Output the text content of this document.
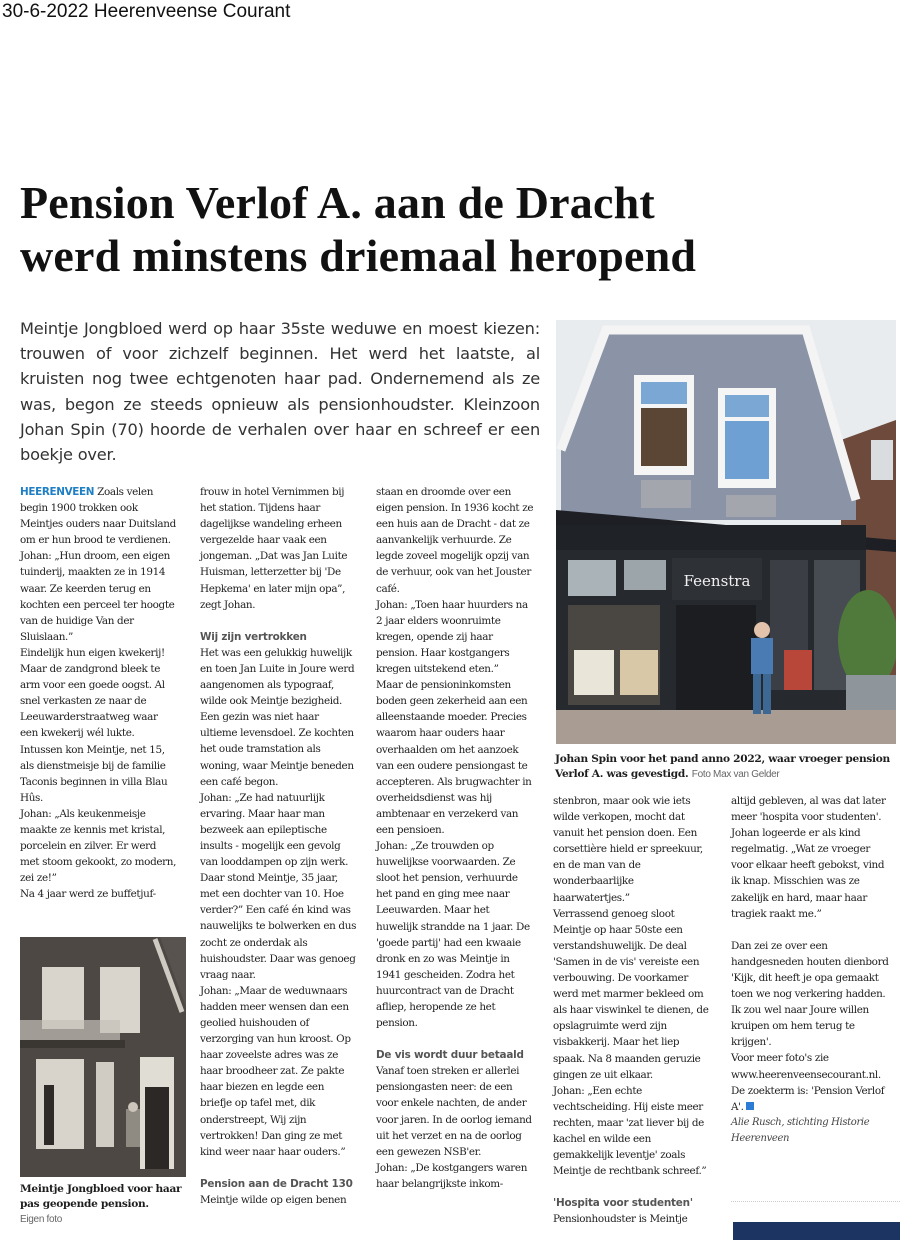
30-6-2022 Heerenveense Courant
Pension Verlof A. aan de Dracht
werd minstens driemaal heropend
Meintje Jongbloed werd op haar 35ste weduwe en moest kiezen: trouwen of voor zichzelf beginnen. Het werd het laatste, al kruisten nog twee echtgenoten haar pad. Ondernemend als ze was, begon ze steeds opnieuw als pensionhoudster. Kleinzoon Johan Spin (70) hoorde de verhalen over haar en schreef er een boekje over.
Feenstra
Johan Spin voor het pand anno 2022, waar vroeger pension Verlof A. was gevestigd. Foto Max van Gelder
Meintje Jongbloed voor haar pas geopende pension.
Eigen foto

HEERENVEEN Zoals velen begin 1900 trokken ook Meintjes ouders naar Duitsland om er hun brood te verdienen.

Johan: „Hun droom, een eigen tuinderij, maakten ze in 1914 waar. Ze keerden terug en kochten een perceel ter hoogte van de huidige Van der Sluislaan.”

Eindelijk hun eigen kwekerij! Maar de zandgrond bleek te arm voor een goede oogst. Al snel verkasten ze naar de Leeuwarderstraatweg waar een kwekerij wél lukte. Intussen kon Meintje, net 15, als dienstmeisje bij de familie Taconis beginnen in villa Blau Hûs.

Johan: „Als keukenmeisje maakte ze kennis met kristal, porcelein en zilver. Er werd met stoom gekookt, zo modern, zei ze!”

Na 4 jaar werd ze buffetjuf-

frouw in hotel Vernimmen bij het station. Tijdens haar dagelijkse wandeling erheen vergezelde haar vaak een jongeman. „Dat was Jan Luite Huisman, letterzetter bij 'De Hepkema' en later mijn opa”, zegt Johan.

Wij zijn vertrokken

Het was een gelukkig huwelijk en toen Jan Luite in Joure werd aangenomen als typograaf, wilde ook Meintje bezigheid. Een gezin was niet haar ultieme levensdoel. Ze kochten het oude tramstation als woning, waar Meintje beneden een café begon.

Johan: „Ze had natuurlijk ervaring. Maar haar man bezweek aan epileptische insults - mogelijk een gevolg van looddampen op zijn werk. Daar stond Meintje, 35 jaar, met een dochter van 10. Hoe verder?” Een café én kind was nauwelijks te bolwerken en dus zocht ze onderdak als huishoudster. Daar was genoeg vraag naar.

Johan: „Maar de weduwnaars hadden meer wensen dan een geolied huishouden of verzorging van hun kroost. Op haar zoveelste adres was ze haar broodheer zat. Ze pakte haar biezen en legde een briefje op tafel met, dik onderstreept, Wij zijn vertrokken! Dan ging ze met kind weer naar haar ouders.”

Pension aan de Dracht 130

Meintje wilde op eigen benen

staan en droomde over een eigen pension. In 1936 kocht ze een huis aan de Dracht - dat ze aanvankelijk verhuurde. Ze legde zoveel mogelijk opzij van de verhuur, ook van het Jouster café.

Johan: „Toen haar huurders na 2 jaar elders woonruimte kregen, opende zij haar pension. Haar kostgangers kregen uitstekend eten.”

Maar de pensioninkomsten boden geen zekerheid aan een alleenstaande moeder. Precies waarom haar ouders haar overhaalden om het aanzoek van een oudere pensiongast te accepteren. Als brugwachter in overheidsdienst was hij ambtenaar en verzekerd van een pensioen.

Johan: „Ze trouwden op huwelijkse voorwaarden. Ze sloot het pension, verhuurde het pand en ging mee naar Leeuwarden. Maar het huwelijk strandde na 1 jaar. De 'goede partij' had een kwaaie dronk en zo was Meintje in 1941 gescheiden. Zodra het huurcontract van de Dracht afliep, heropende ze het pension.

De vis wordt duur betaald

Vanaf toen streken er allerlei pensiongasten neer: de een voor enkele nachten, de ander voor jaren. In de oorlog iemand uit het verzet en na de oorlog een gewezen NSB'er.

Johan: „De kostgangers waren haar belangrijkste inkom-

stenbron, maar ook wie iets wilde verkopen, mocht dat vanuit het pension doen. Een corsettière hield er spreekuur, en de man van de wonderbaarlijke haarwatertjes.”

Verrassend genoeg sloot Meintje op haar 50ste een verstandshuwelijk. De deal 'Samen in de vis' vereiste een verbouwing. De voorkamer werd met marmer bekleed om als haar viswinkel te dienen, de opslagruimte werd zijn visbakkerij. Maar het liep spaak. Na 8 maanden geruzie gingen ze uit elkaar.

Johan: „Een echte vechtscheiding. Hij eiste meer rechten, maar 'zat liever bij de kachel en wilde een gemakkelijk leventje' zoals Meintje de rechtbank schreef.”

'Hospita voor studenten'

Pensionhoudster is Meintje

altijd gebleven, al was dat later meer 'hospita voor studenten'. Johan logeerde er als kind regelmatig. „Wat ze vroeger voor elkaar heeft gebokst, vind ik knap. Misschien was ze zakelijk en hard, maar haar tragiek raakt me.”

Dan zei ze over een handgesneden houten dienbord 'Kijk, dit heeft je opa gemaakt toen we nog verkering hadden. Ik zou wel naar Joure willen kruipen om hem terug te krijgen'.

Voor meer foto's zie www.heerenveensecourant.nl. De zoekterm is: 'Pension Verlof A'.

Alie Rusch, stichting Historie Heerenveen
